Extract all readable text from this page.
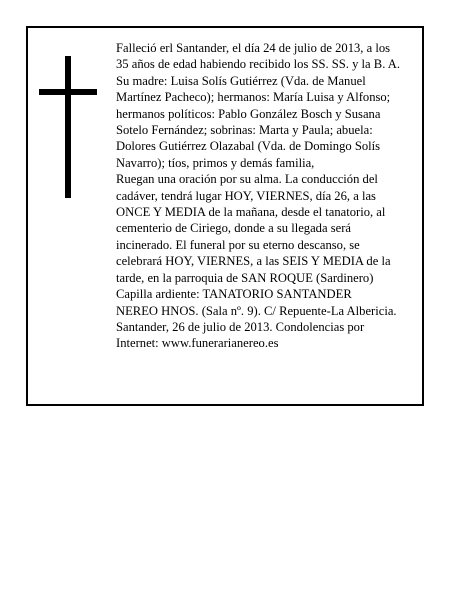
Falleció erl Santander, el día 24 de julio de 2013, a los
35 años de edad habiendo recibido los SS. SS. y la B. A.
Su madre: Luisa Solís Gutiérrez (Vda. de Manuel
Martínez Pacheco); hermanos: María Luisa y Alfonso;
hermanos políticos: Pablo González Bosch y Susana
Sotelo Fernández; sobrinas: Marta y Paula; abuela:
Dolores Gutiérrez Olazabal (Vda. de Domingo Solís
Navarro); tíos, primos y demás familia,
Ruegan una oración por su alma. La conducción del
cadáver, tendrá lugar HOY, VIERNES, día 26, a las
ONCE Y MEDIA de la mañana, desde el tanatorio, al
cementerio de Ciriego, donde a su llegada será
incinerado. El funeral por su eterno descanso, se
celebrará HOY, VIERNES, a las SEIS Y MEDIA de la
tarde, en la parroquia de SAN ROQUE (Sardinero)
Capilla ardiente: TANATORIO SANTANDER
NEREO HNOS. (Sala nº. 9). C/ Repuente-La Albericia.
Santander, 26 de julio de 2013. Condolencias por
Internet: www.funerarianereo.es
